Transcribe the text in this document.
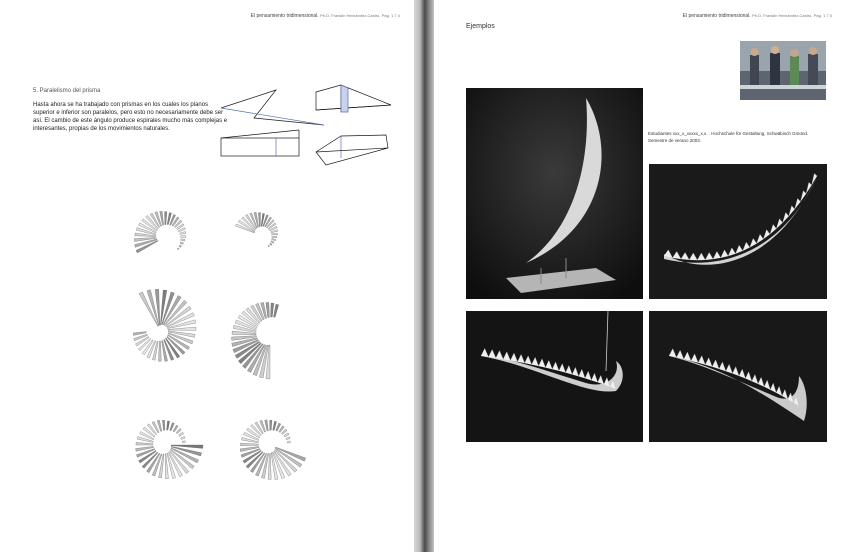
El pensamiento tridimensional. Ph.D. Franklin Hernández-Castro. Pag. 1 7 4
5. Paralelismo del prisma
Hasta ahora se ha trabajado con prismas en los cuales los planos superior e inferior son paralelos, pero esto no necesariamente debe ser así. El cambio de este ángulo produce espirales mucho más complejas e interesantes, propias de los movimientos naturales.
El pensamiento tridimensional. Ph.D. Franklin Hernández-Castro. Pag. 1 7 5
Ejemplos
Estudiantes xxx_x_xxxxx_x,x. . Hochschule für Gestaltung, Schwäbisch Gmünd. Semestre de verano 2003.
